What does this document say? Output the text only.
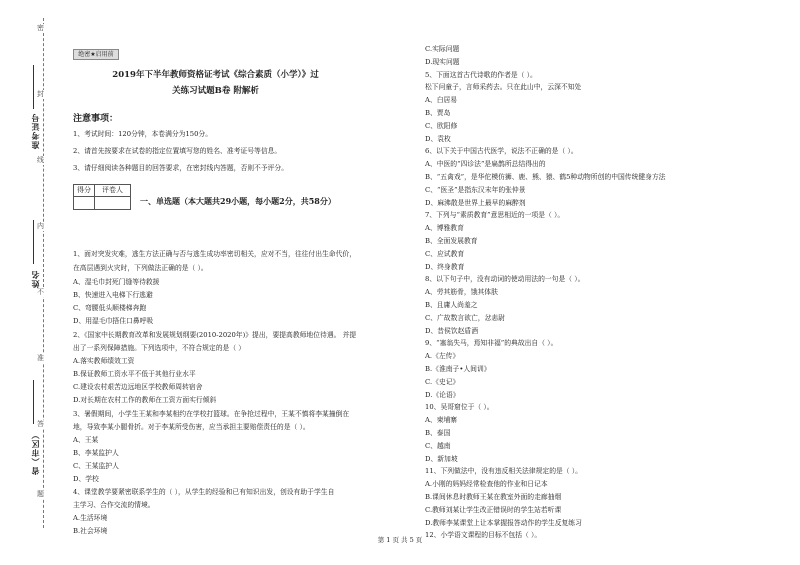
密
封
线
内
不
准
答
题
准考证号
姓名
省（市区）
绝密★启用前
2019年下半年教师资格证考试《综合素质（小学）》过
关练习试题B卷 附解析
注意事项：
1、考试时间：120分钟，本卷满分为150分。
2、请首先按要求在试卷的指定位置填写您的姓名、准考证号等信息。
3、请仔细阅读各种题目的回答要求，在密封线内答题，否则不予评分。
得分	评卷人
一、单选题（本大题共29小题，每小题2分，共58分）
1、面对突发灾难，逃生方法正确与否与逃生成功率密切相关，应对不当，往往付出生命代价，
在高层遇到火灾时，下列做法正确的是（ ）。
A、湿毛巾封死门缝等待救援
B、快速进入电梯下行逃避
C、弯腰低头顺楼梯奔跑
D、用湿毛巾捂住口鼻呼吸
2、《国家中长期教育改革和发展规划纲要(2010-2020年)》提出，要提高教师地位待遇。 并提
出了一系列保障措施。下列选项中，不符合规定的是（ ）
A.落实教师绩效工资
B.保证教师工资水平不低于其他行业水平
C.建设农村艰苦边远地区学校教师周转宿舍
D.对长期在农村工作的教师在工资方面实行倾斜
3、暑假期间，小学生王某和李某相约在学校打篮球。在争抢过程中，王某不慎将李某撞倒在
地，导致李某小腿骨折。对于李某所受伤害，应当承担主要赔偿责任的是（ ）。
A、王某
B、李某监护人
C、王某监护人
D、学校
4、课堂教学要紧密联系学生的（ ），从学生的经验和已有知识出发，创设有助于学生自
主学习、合作交流的情境。
A.生活环境
B.社会环境
C.实际问题
D.现实问题
5、下面这首古代诗歌的作者是（ ）。
松下问童子，言师采药去。只在此山中，云深不知处
A、白居易
B、贾岛
C、欧阳修
D、袁枚
6、以下关于中国古代医学，说法不正确的是（ ）。
A、中医的“四诊法”是扁鹊所总结得出的
B、“五禽戏”，是华佗模仿狮、鹿、熊、猿、鹤5种动物所创的中国传统健身方法
C、“医圣”是指东汉末年的张仲景
D、麻沸散是世界上最早的麻醉剂
7、下列与“素质教育”意思相近的一项是（ ）。
A、博雅教育
B、全面发展教育
C、应试教育
D、终身教育
8、以下句子中，没有动词的使动用法的一句是（ ）。
A、劳其筋骨，饿其体肤
B、且庸人尚羞之
C、广故数言欲亡，忿恚尉
D、昔侯饮赵盾酒
9、“塞翁失马，焉知非福”的典故出自（ ）。
A.《左传》
B.《淮南子•人间训》
C.《史记》
D.《论语》
10、吴哥窟位于（ ）。
A、柬埔寨
B、泰国
C、越南
D、新加坡
11、下列做法中，没有违反相关法律规定的是（ ）。
A.小刚的妈妈经常检查他的作业和日记本
B.课间休息时教师王某在教室外面的走廊抽烟
C.教师刘某让学生改正错误时的学生站若听课
D.教师李某课堂上让本掌握报答动作的学生反复练习
12、小学语文课程的目标不包括（ ）。
第 1 页 共 5 页
